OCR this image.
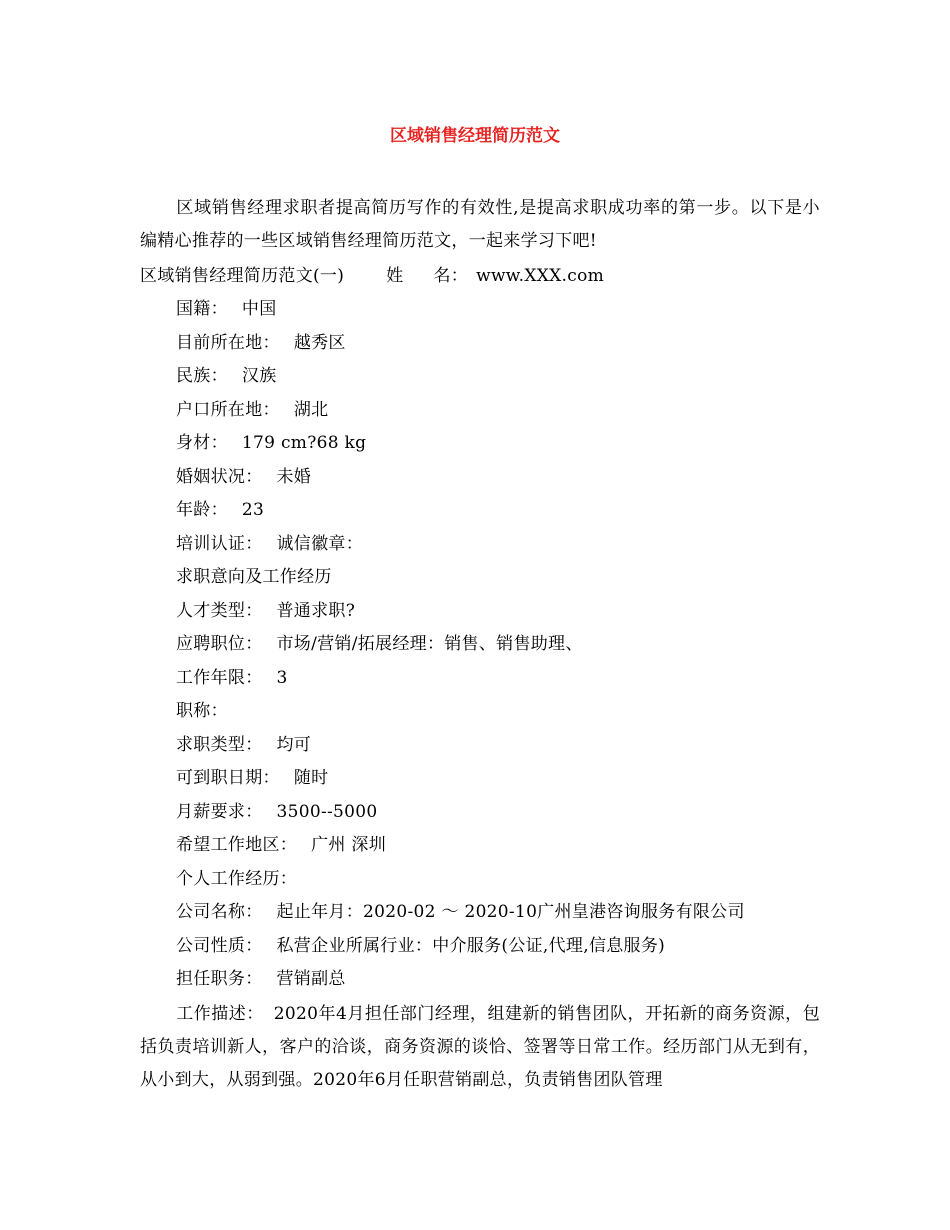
区域销售经理简历范文
区域销售经理求职者提高简历写作的有效性,是提高求职成功率的第一步。以下是小编精心推荐的一些区域销售经理简历范文，一起来学习下吧!
区域销售经理简历范文(一) 姓 名： www.XXX.com
国籍： 中国
目前所在地： 越秀区
民族： 汉族
户口所在地： 湖北
身材： 179 cm?68 kg
婚姻状况： 未婚
年龄： 23
培训认证： 诚信徽章：
求职意向及工作经历
人才类型： 普通求职?
应聘职位： 市场/营销/拓展经理：销售、销售助理、
工作年限： 3
职称：
求职类型： 均可
可到职日期： 随时
月薪要求： 3500--5000
希望工作地区： 广州 深圳
个人工作经历：
公司名称： 起止年月：2020-02 ～ 2020-10广州皇港咨询服务有限公司
公司性质： 私营企业所属行业：中介服务(公证,代理,信息服务)
担任职务： 营销副总
工作描述： 2020年4月担任部门经理，组建新的销售团队，开拓新的商务资源，包括负责培训新人，客户的洽谈，商务资源的谈恰、签署等日常工作。经历部门从无到有，从小到大，从弱到强。2020年6月任职营销副总，负责销售团队管理
